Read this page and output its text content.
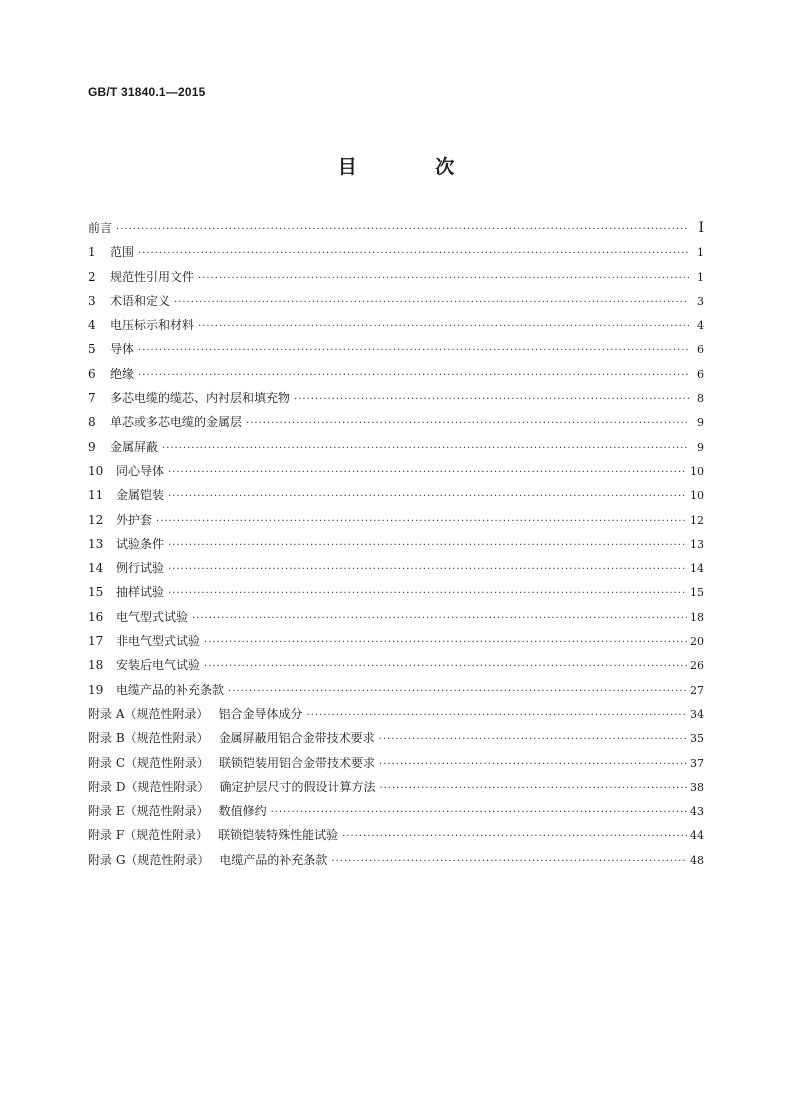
GB/T 31840.1—2015
目 次
前言 ·····	Ⅰ
1 范围 ·····	1
2 规范性引用文件 ·····	1
3 术语和定义 ·····	3
4 电压标示和材料 ·····	4
5 导体 ·····	6
6 绝缘 ·····	6
7 多芯电缆的缆芯、内衬层和填充物 ·····	8
8 单芯或多芯电缆的金属层 ·····	9
9 金属屏蔽 ·····	9
10 同心导体 ·····	10
11 金属铠装 ·····	10
12 外护套 ·····	12
13 试验条件 ·····	13
14 例行试验 ·····	14
15 抽样试验 ·····	15
16 电气型式试验 ·····	18
17 非电气型式试验 ·····	20
18 安装后电气试验 ·····	26
19 电缆产品的补充条款 ·····	27
附录 A（规范性附录） 铝合金导体成分 ·····	34
附录 B（规范性附录） 金属屏蔽用铝合金带技术要求 ·····	35
附录 C（规范性附录） 联锁铠装用铝合金带技术要求 ·····	37
附录 D（规范性附录） 确定护层尺寸的假设计算方法 ·····	38
附录 E（规范性附录） 数值修约 ·····	43
附录 F（规范性附录） 联锁铠装特殊性能试验 ·····	44
附录 G（规范性附录） 电缆产品的补充条款 ·····	48
